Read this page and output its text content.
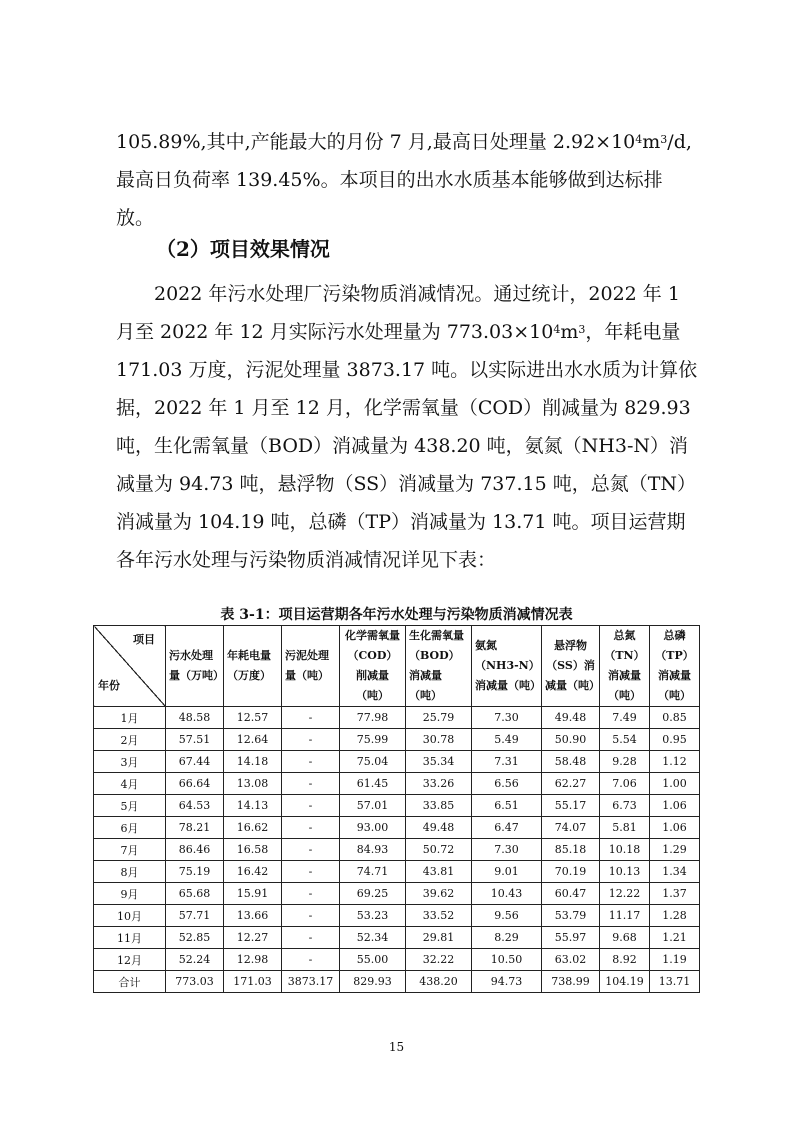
105.89%,其中,产能最大的月份 7 月,最高日处理量 $2.92\times 10^4m^3/d$,
最高日负荷率 139.45%。本项目的出水水质基本能够做到达标排
放。
（2）项目效果情况
2022 年污水处理厂污染物质消减情况。通过统计，2022 年 1
月至 2022 年 12 月实际污水处理量为 $773.03\times 10^4m^3$，年耗电量
171.03 万度，污泥处理量 3873.17 吨。以实际进出水水质为计算依
据，2022 年 1 月至 12 月，化学需氧量（COD）削减量为 829.93
吨，生化需氧量（BOD）消减量为 438.20 吨，氨氮（NH3-N）消
减量为 94.73 吨，悬浮物（SS）消减量为 737.15 吨，总氮（TN）
消减量为 104.19 吨，总磷（TP）消减量为 13.71 吨。项目运营期
各年污水处理与污染物质消减情况详见下表：
表 3-1：项目运营期各年污水处理与污染物质消减情况表
项目
年份	污水处理量（万吨）	年耗电量（万度）	污泥处理量（吨）	化学需氧量（COD）削减量（吨）	生化需氧量（BOD）消减量（吨）	氨氮（NH3-N）消减量（吨）	悬浮物（SS）消减量（吨）	总氮（TN）消减量（吨）	总磷（TP）消减量（吨）
1月	48.58	12.57	-	77.98	25.79	7.30	49.48	7.49	0.85
2月	57.51	12.64	-	75.99	30.78	5.49	50.90	5.54	0.95
3月	67.44	14.18	-	75.04	35.34	7.31	58.48	9.28	1.12
4月	66.64	13.08	-	61.45	33.26	6.56	62.27	7.06	1.00
5月	64.53	14.13	-	57.01	33.85	6.51	55.17	6.73	1.06
6月	78.21	16.62	-	93.00	49.48	6.47	74.07	5.81	1.06
7月	86.46	16.58	-	84.93	50.72	7.30	85.18	10.18	1.29
8月	75.19	16.42	-	74.71	43.81	9.01	70.19	10.13	1.34
9月	65.68	15.91	-	69.25	39.62	10.43	60.47	12.22	1.37
10月	57.71	13.66	-	53.23	33.52	9.56	53.79	11.17	1.28
11月	52.85	12.27	-	52.34	29.81	8.29	55.97	9.68	1.21
12月	52.24	12.98	-	55.00	32.22	10.50	63.02	8.92	1.19
合计	773.03	171.03	3873.17	829.93	438.20	94.73	738.99	104.19	13.71
15
